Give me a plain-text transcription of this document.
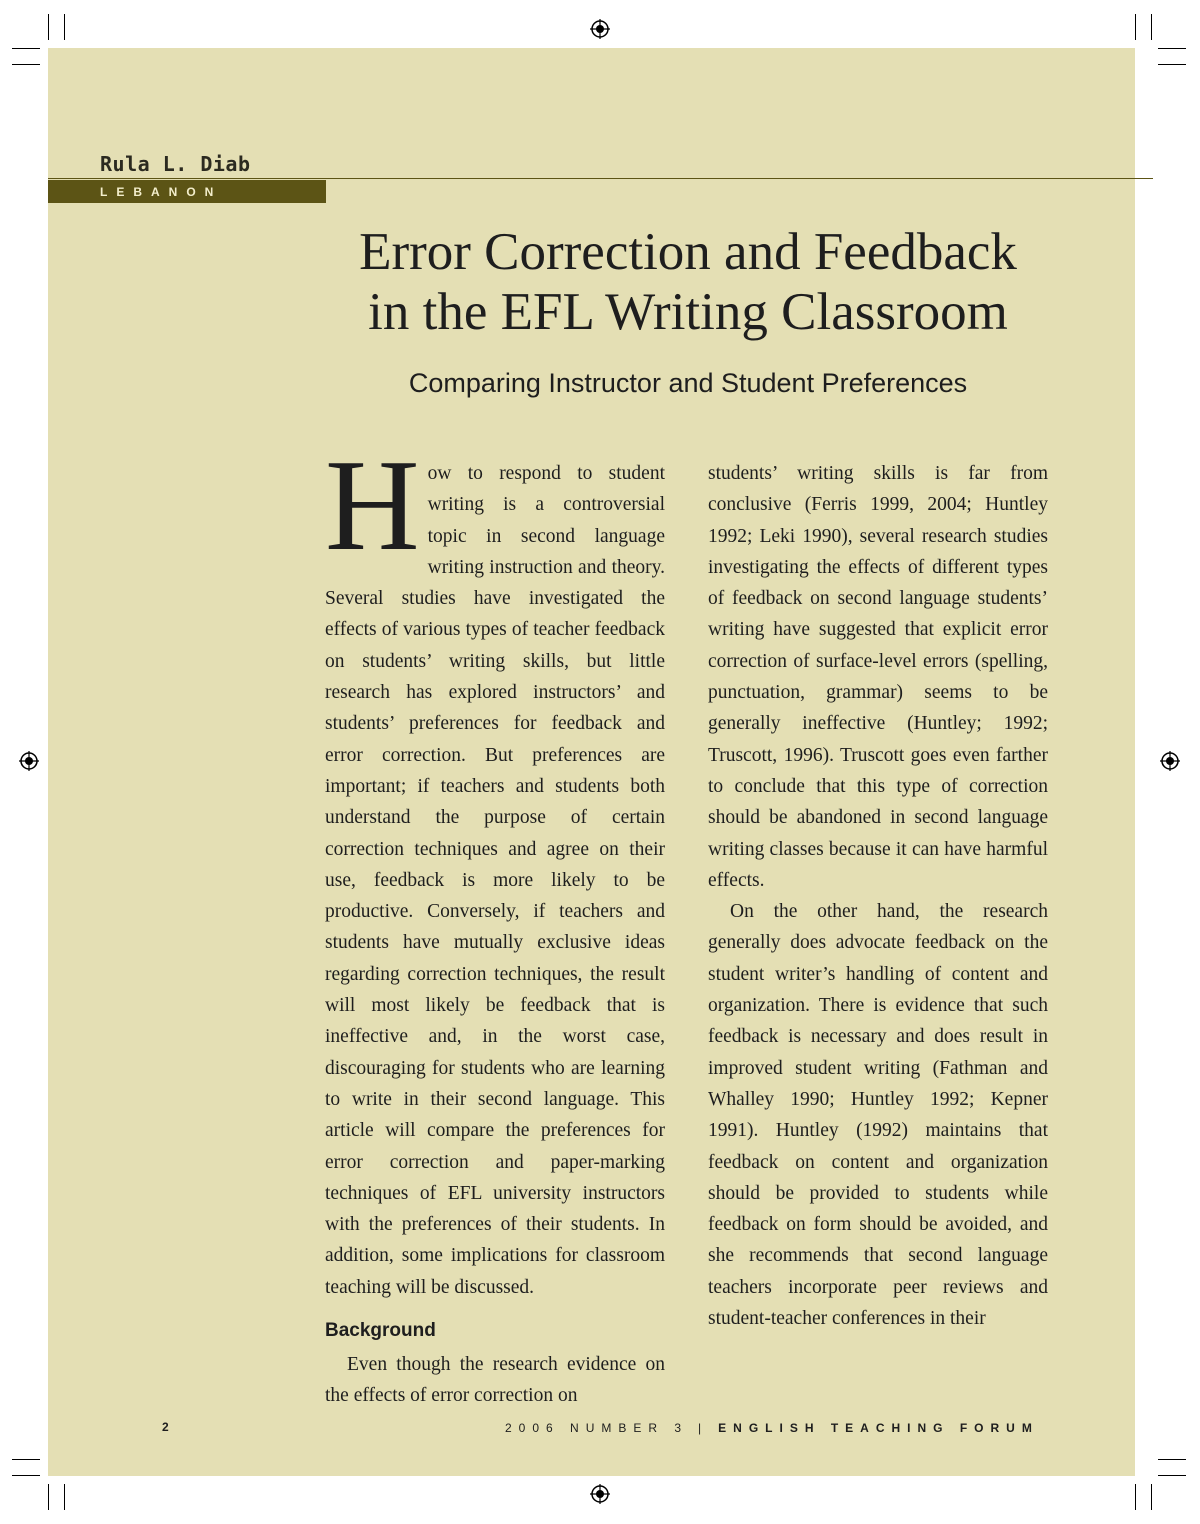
Rula L. Diab
LEBANON
Error Correction and Feedback
in the EFL Writing Classroom
Comparing Instructor and Student Preferences

How to respond to student writing is a controversial topic in second language writing instruction and theory. Several studies have investigated the effects of various types of teacher feedback on students’ writing skills, but little research has explored instructors’ and students’ preferences for feedback and error correction. But preferences are important; if teachers and students both understand the purpose of certain correction techniques and agree on their use, feedback is more likely to be productive. Conversely, if teachers and students have mutually exclusive ideas regarding correction techniques, the result will most likely be feedback that is ineffective and, in the worst case, discouraging for students who are learning to write in their second language. This article will compare the preferences for error correction and paper-marking techniques of EFL university instructors with the preferences of their students. In addition, some implications for classroom teaching will be discussed.

Background

Even though the research evidence on the effects of error correction on

students’ writing skills is far from conclusive (Ferris 1999, 2004; Huntley 1992; Leki 1990), several research studies investigating the effects of different types of feedback on second language students’ writing have suggested that explicit error correction of surface-level errors (spelling, punctuation, grammar) seems to be generally ineffective (Huntley; 1992; Truscott, 1996). Truscott goes even farther to conclude that this type of correction should be abandoned in second language writing classes because it can have harmful effects.

On the other hand, the research generally does advocate feedback on the student writer’s handling of content and organization. There is evidence that such feedback is necessary and does result in improved student writing (Fathman and Whalley 1990; Huntley 1992; Kepner 1991). Huntley (1992) maintains that feedback on content and organization should be provided to students while feedback on form should be avoided, and she recommends that second language teachers incorporate peer reviews and student-teacher conferences in their

2	2006 NUMBER 3 | ENGLISH TEACHING FORUM
